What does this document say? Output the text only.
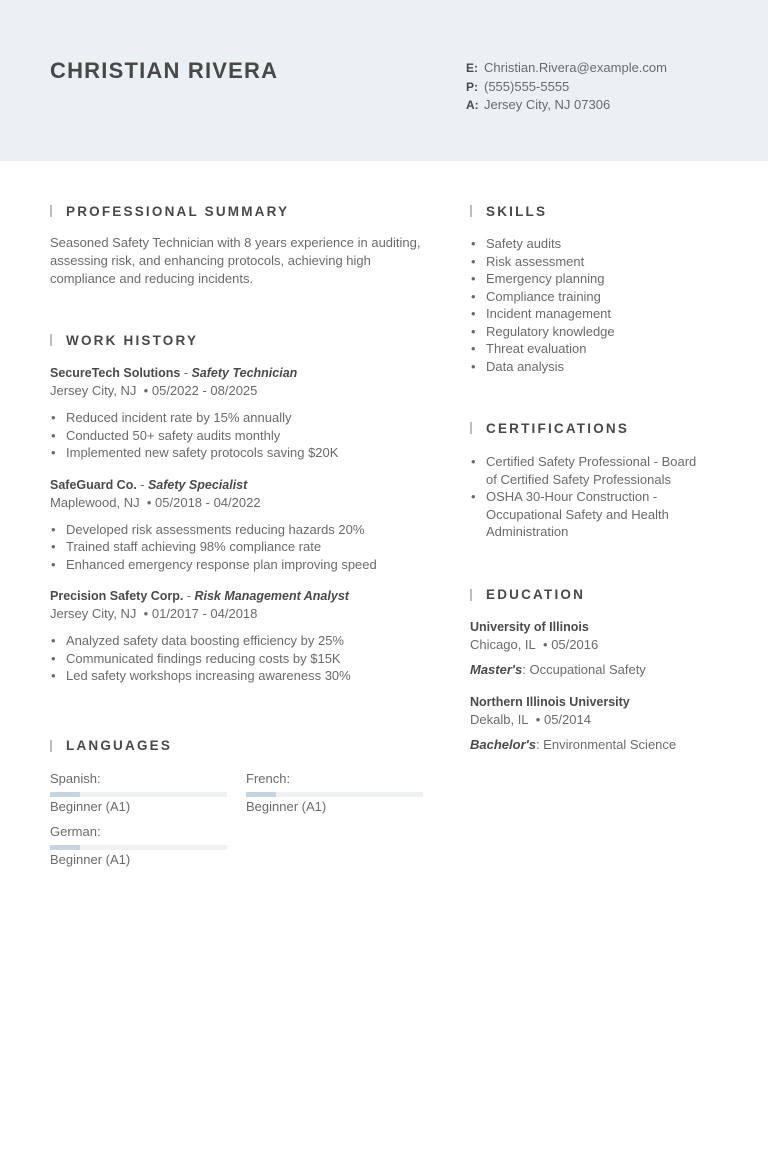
CHRISTIAN RIVERA	E: Christian.Rivera@example.com
P: (555)555-5555
A: Jersey City, NJ 07306
PROFESSIONAL SUMMARY
Seasoned Safety Technician with 8 years experience in auditing, assessing risk, and enhancing protocols, achieving high compliance and reducing incidents.
WORK HISTORY
SecureTech Solutions - Safety Technician
Jersey City, NJ • 05/2022 - 08/2025
• Reduced incident rate by 15% annually
• Conducted 50+ safety audits monthly
• Implemented new safety protocols saving $20K
SafeGuard Co. - Safety Specialist
Maplewood, NJ • 05/2018 - 04/2022
• Developed risk assessments reducing hazards 20%
• Trained staff achieving 98% compliance rate
• Enhanced emergency response plan improving speed
Precision Safety Corp. - Risk Management Analyst
Jersey City, NJ • 01/2017 - 04/2018
• Analyzed safety data boosting efficiency by 25%
• Communicated findings reducing costs by $15K
• Led safety workshops increasing awareness 30%
LANGUAGES
Spanish:
Beginner (A1)
French:
Beginner (A1)
German:
Beginner (A1)
SKILLS
• Safety audits
• Risk assessment
• Emergency planning
• Compliance training
• Incident management
• Regulatory knowledge
• Threat evaluation
• Data analysis
CERTIFICATIONS
• Certified Safety Professional - Board of Certified Safety Professionals
• OSHA 30-Hour Construction - Occupational Safety and Health Administration
EDUCATION
University of Illinois
Chicago, IL • 05/2016
Master's: Occupational Safety
Northern Illinois University
Dekalb, IL • 05/2014
Bachelor's: Environmental Science
